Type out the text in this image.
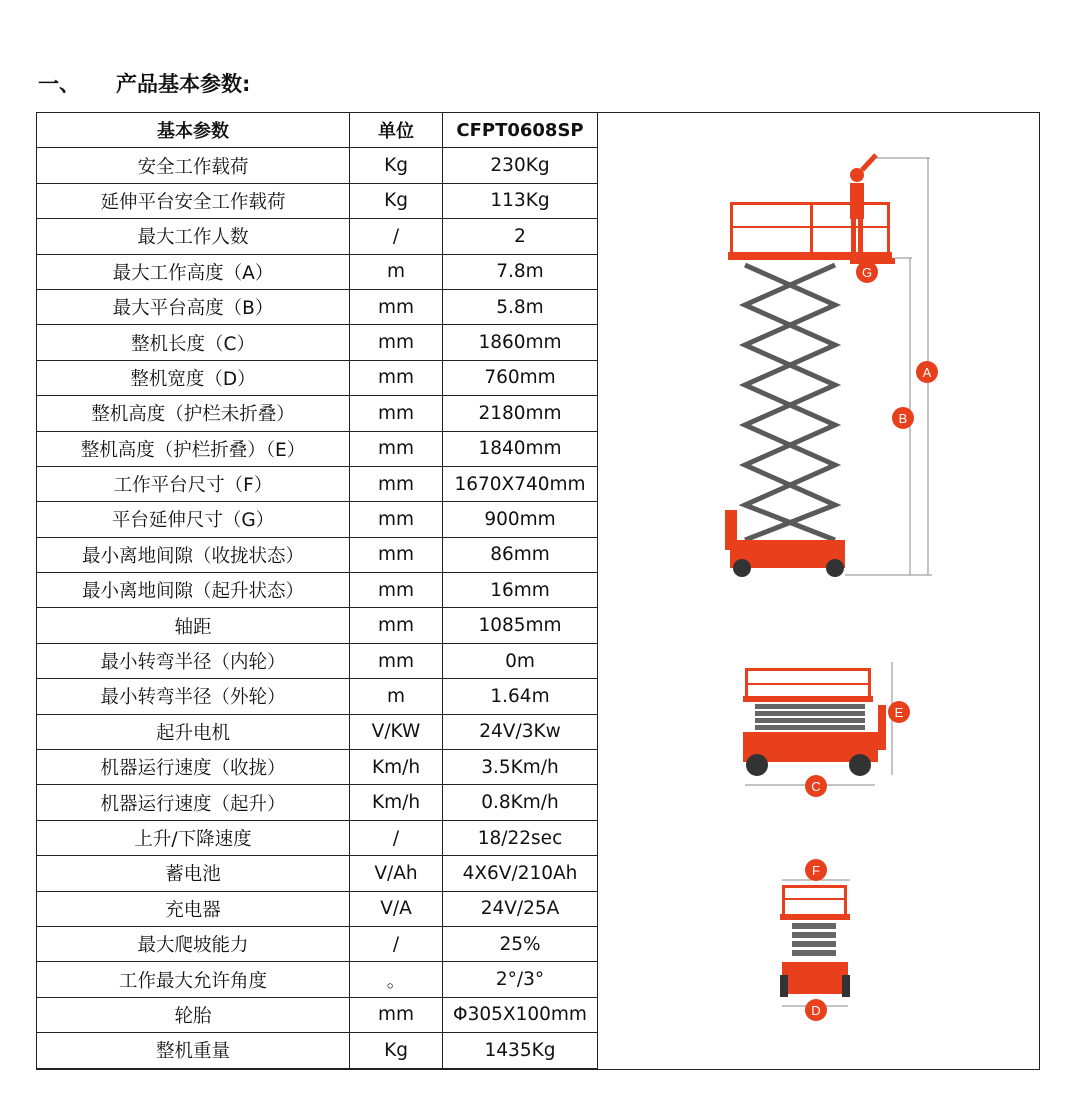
一、 产品基本参数:
基本参数	单位	CFPT0608SP
安全工作载荷	Kg	230Kg
延伸平台安全工作载荷	Kg	113Kg
最大工作人数	/	2
最大工作高度（A）	m	7.8m
最大平台高度（B）	mm	5.8m
整机长度（C）	mm	1860mm
整机宽度（D）	mm	760mm
整机高度（护栏未折叠）	mm	2180mm
整机高度（护栏折叠）（E）	mm	1840mm
工作平台尺寸（F）	mm	1670X740mm
平台延伸尺寸（G）	mm	900mm
最小离地间隙（收拢状态）	mm	86mm
最小离地间隙（起升状态）	mm	16mm
轴距	mm	1085mm
最小转弯半径（内轮）	mm	0m
最小转弯半径（外轮）	m	1.64m
起升电机	V/KW	24V/3Kw
机器运行速度（收拢）	Km/h	3.5Km/h
机器运行速度（起升）	Km/h	0.8Km/h
上升/下降速度	/	18/22sec
蓄电池	V/Ah	4X6V/210Ah
充电器	V/A	24V/25A
最大爬坡能力	/	25%
工作最大允许角度	。	2°/3°
轮胎	mm	Φ305X100mm
整机重量	Kg	1435Kg
A
B
G
C
E
F
D
